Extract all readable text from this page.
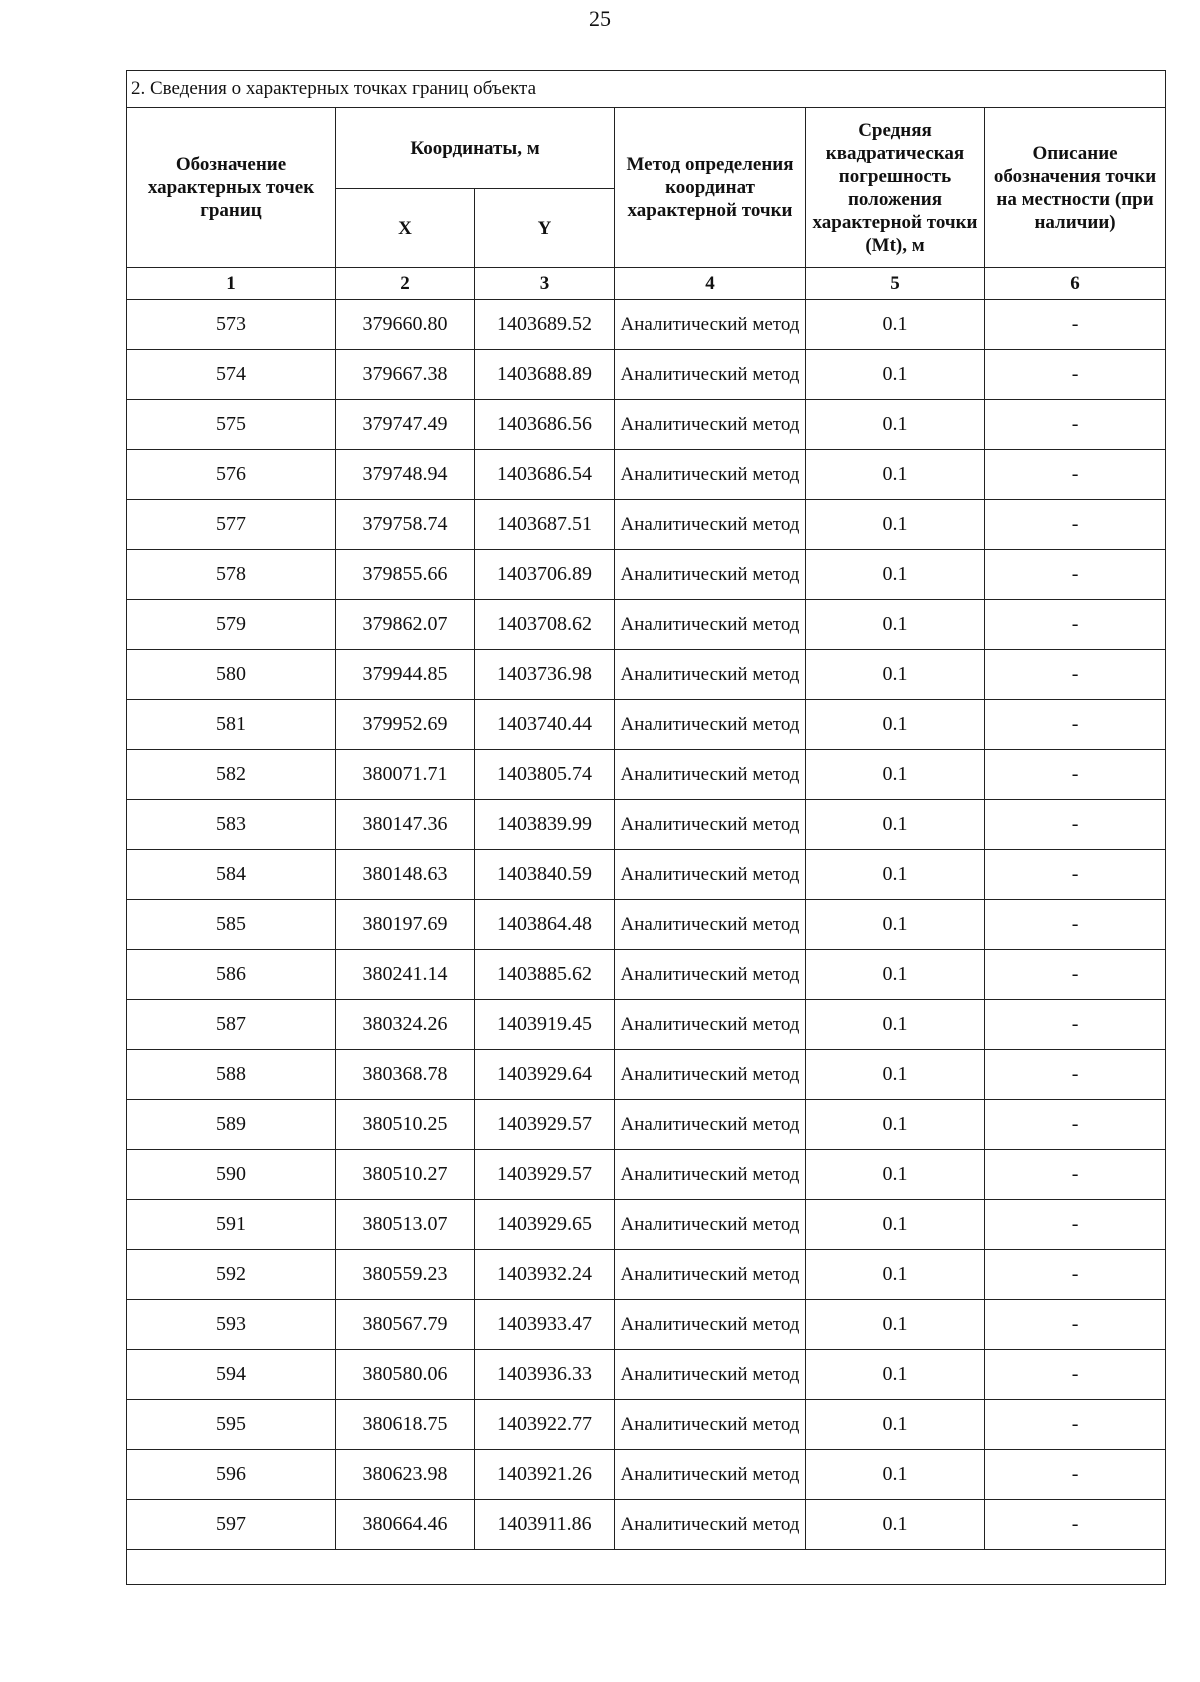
25
2. Сведения о характерных точках границ объекта					
Обозначение характерных точек границ	Координаты, м		Метод определения координат характерной точки	Средняя квадратическая погрешность положения характерной точки (Mt), м	Описание обозначения точки на местности (при наличии)
	X	Y			
1	2	3	4	5	6
573	379660.80	1403689.52	Аналитический метод	0.1	-
574	379667.38	1403688.89	Аналитический метод	0.1	-
575	379747.49	1403686.56	Аналитический метод	0.1	-
576	379748.94	1403686.54	Аналитический метод	0.1	-
577	379758.74	1403687.51	Аналитический метод	0.1	-
578	379855.66	1403706.89	Аналитический метод	0.1	-
579	379862.07	1403708.62	Аналитический метод	0.1	-
580	379944.85	1403736.98	Аналитический метод	0.1	-
581	379952.69	1403740.44	Аналитический метод	0.1	-
582	380071.71	1403805.74	Аналитический метод	0.1	-
583	380147.36	1403839.99	Аналитический метод	0.1	-
584	380148.63	1403840.59	Аналитический метод	0.1	-
585	380197.69	1403864.48	Аналитический метод	0.1	-
586	380241.14	1403885.62	Аналитический метод	0.1	-
587	380324.26	1403919.45	Аналитический метод	0.1	-
588	380368.78	1403929.64	Аналитический метод	0.1	-
589	380510.25	1403929.57	Аналитический метод	0.1	-
590	380510.27	1403929.57	Аналитический метод	0.1	-
591	380513.07	1403929.65	Аналитический метод	0.1	-
592	380559.23	1403932.24	Аналитический метод	0.1	-
593	380567.79	1403933.47	Аналитический метод	0.1	-
594	380580.06	1403936.33	Аналитический метод	0.1	-
595	380618.75	1403922.77	Аналитический метод	0.1	-
596	380623.98	1403921.26	Аналитический метод	0.1	-
597	380664.46	1403911.86	Аналитический метод	0.1	-
